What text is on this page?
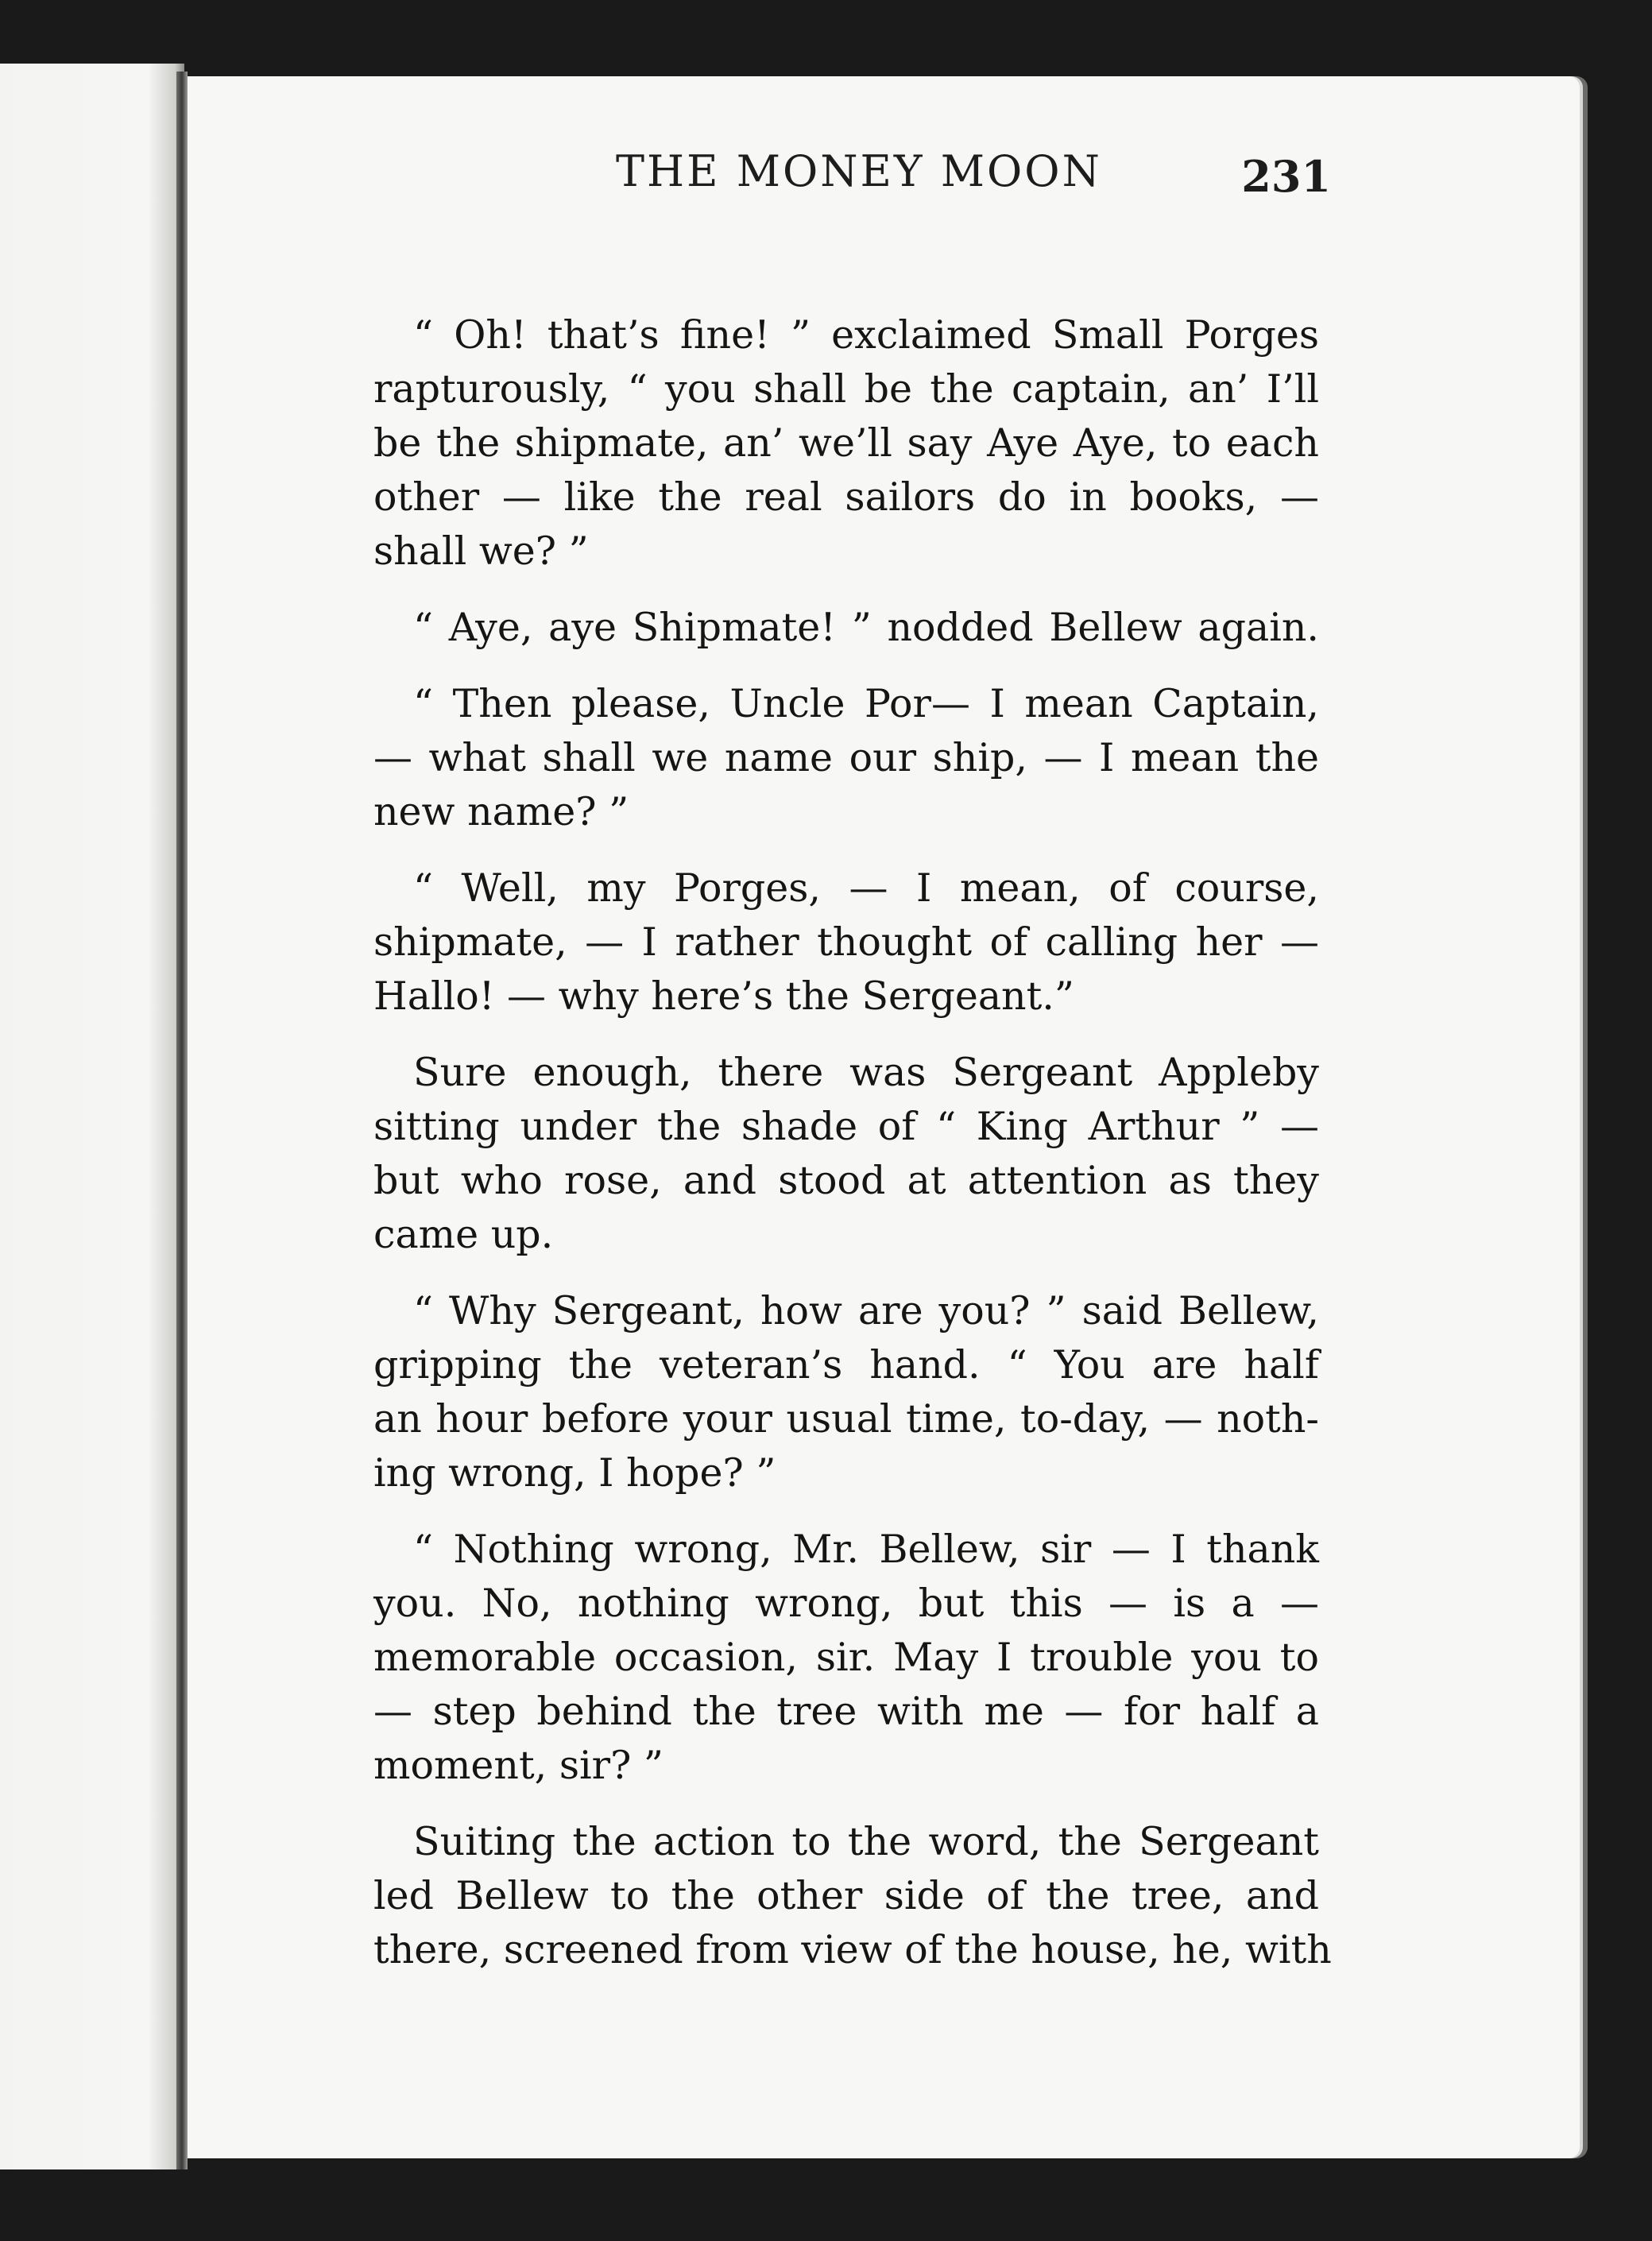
THE MONEY MOON	231
“ Oh! that’s fine! ” exclaimed Small Porges
rapturously, “ you shall be the captain, an’ I’ll
be the shipmate, an’ we’ll say Aye Aye, to each
other — like the real sailors do in books, —
shall we? ”
“ Aye, aye Shipmate! ” nodded Bellew again.
“ Then please, Uncle Por— I mean Captain,
— what shall we name our ship, — I mean the
new name? ”
“ Well, my Porges, — I mean, of course,
shipmate, — I rather thought of calling her —
Hallo! — why here’s the Sergeant.”
Sure enough, there was Sergeant Appleby
sitting under the shade of “ King Arthur ” —
but who rose, and stood at attention as they
came up.
“ Why Sergeant, how are you? ” said Bellew,
gripping the veteran’s hand. “ You are half
an hour before your usual time, to-day, — noth-
ing wrong, I hope? ”
“ Nothing wrong, Mr. Bellew, sir — I thank
you. No, nothing wrong, but this — is a —
memorable occasion, sir. May I trouble you to
— step behind the tree with me — for half a
moment, sir? ”
Suiting the action to the word, the Sergeant
led Bellew to the other side of the tree, and
there, screened from view of the house, he, with
